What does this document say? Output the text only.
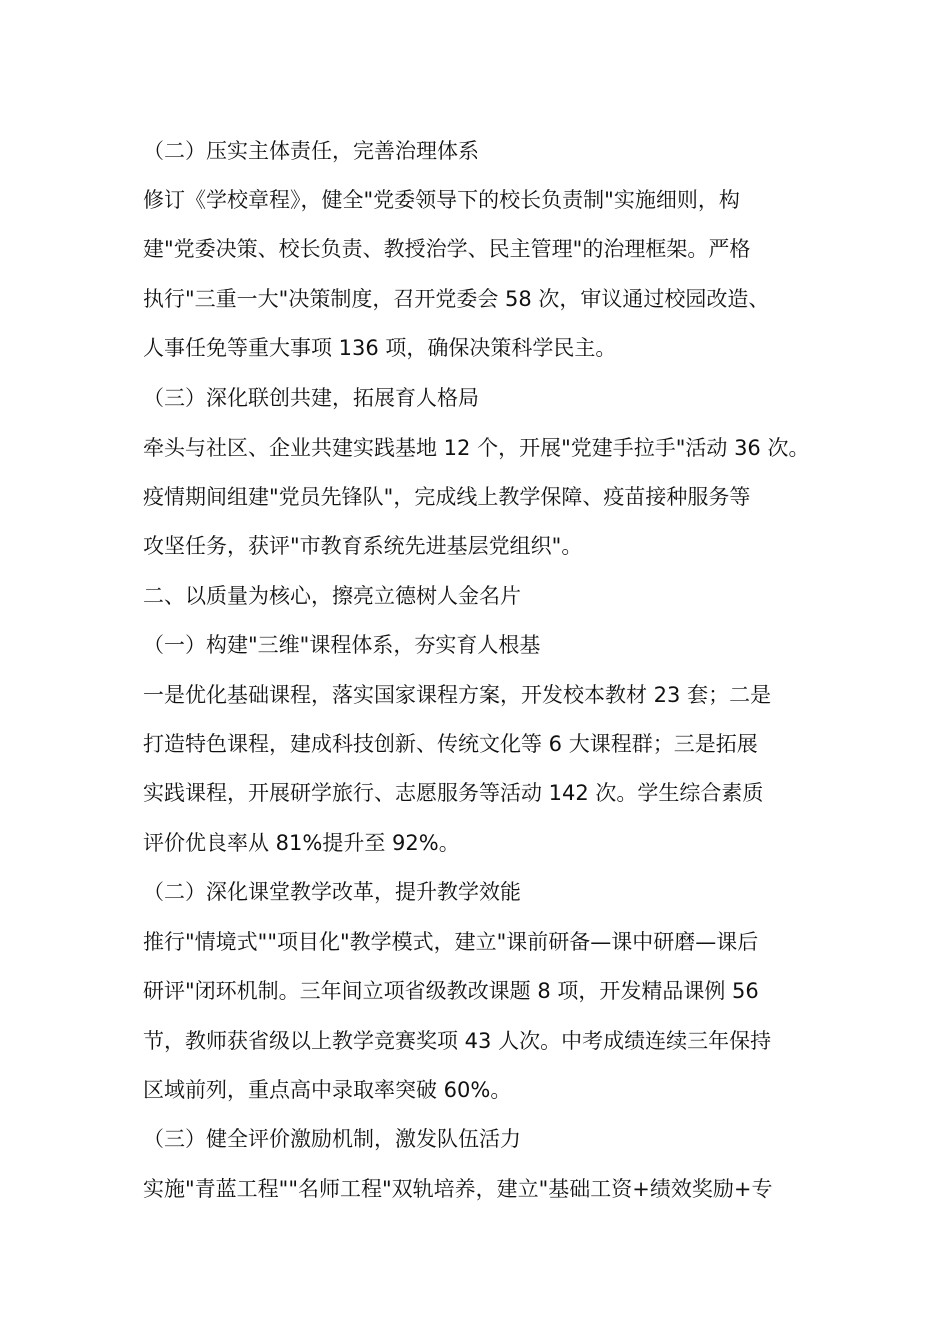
（二）压实主体责任，完善治理体系
修订《学校章程》，健全"党委领导下的校长负责制"实施细则，构
建"党委决策、校长负责、教授治学、民主管理"的治理框架。严格
执行"三重一大"决策制度，召开党委会 58 次，审议通过校园改造、
人事任免等重大事项 136 项，确保决策科学民主。
（三）深化联创共建，拓展育人格局
牵头与社区、企业共建实践基地 12 个，开展"党建手拉手"活动 36 次。
疫情期间组建"党员先锋队"，完成线上教学保障、疫苗接种服务等
攻坚任务，获评"市教育系统先进基层党组织"。
二、以质量为核心，擦亮立德树人金名片
（一）构建"三维"课程体系，夯实育人根基
一是优化基础课程，落实国家课程方案，开发校本教材 23 套；二是
打造特色课程，建成科技创新、传统文化等 6 大课程群；三是拓展
实践课程，开展研学旅行、志愿服务等活动 142 次。学生综合素质
评价优良率从 81%提升至 92%。
（二）深化课堂教学改革，提升教学效能
推行"情境式""项目化"教学模式，建立"课前研备—课中研磨—课后
研评"闭环机制。三年间立项省级教改课题 8 项，开发精品课例 56
节，教师获省级以上教学竞赛奖项 43 人次。中考成绩连续三年保持
区域前列，重点高中录取率突破 60%。
（三）健全评价激励机制，激发队伍活力
实施"青蓝工程""名师工程"双轨培养，建立"基础工资+绩效奖励+专
